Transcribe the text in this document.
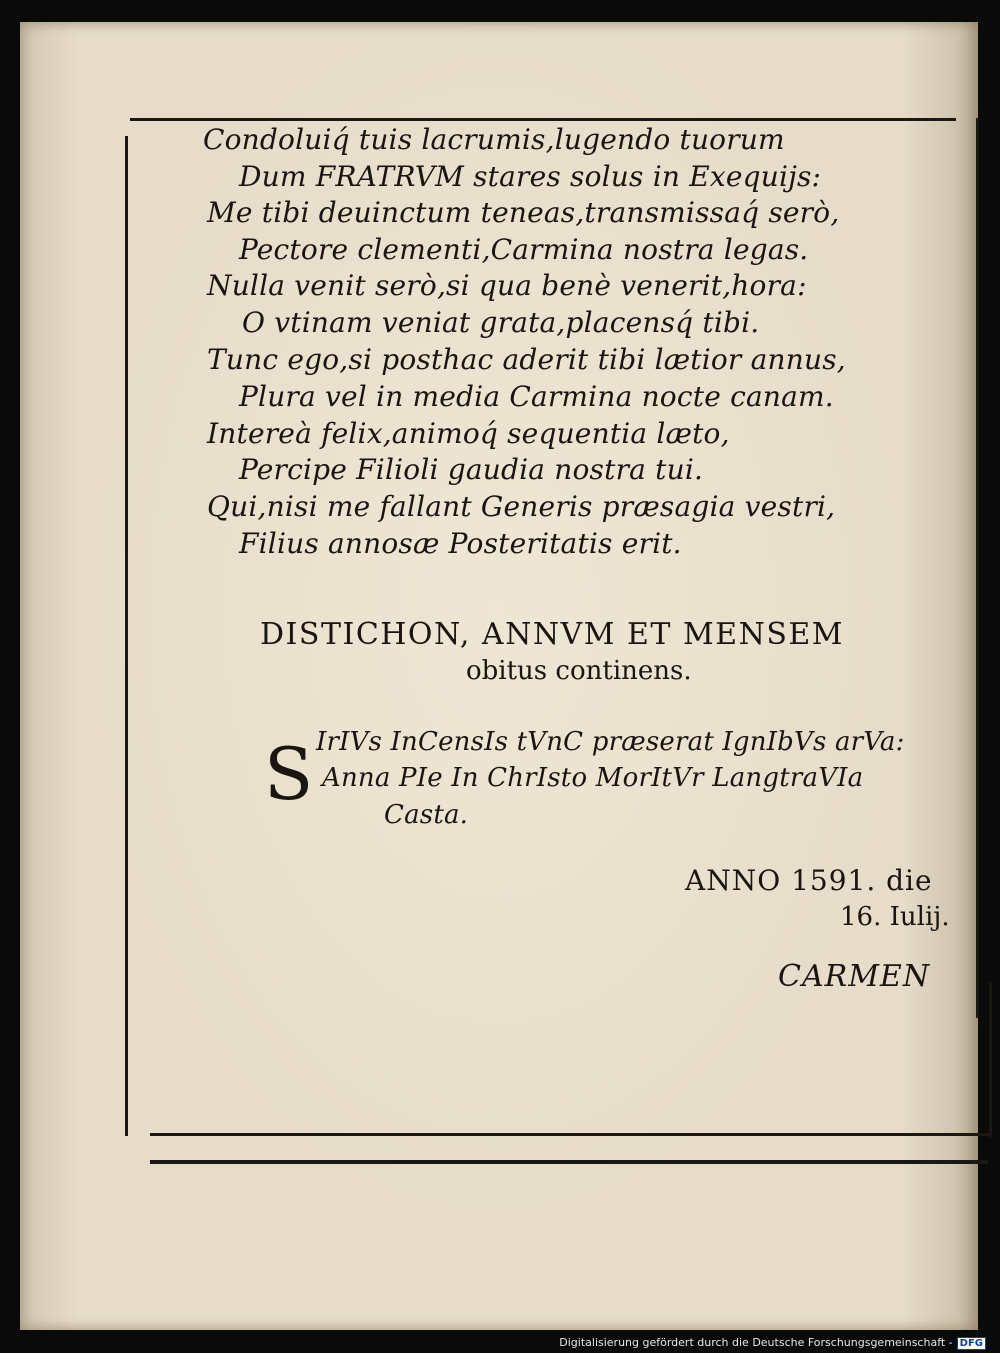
Condoluiq́ tuis lacrumis,lugendo tuorum

Dum FRATRVM stares solus in Exequijs:

Me tibi deuinctum teneas,transmissaq́ serò,

Pectore clementi,Carmina nostra legas.

Nulla venit serò,si qua benè venerit,hora:

O vtinam veniat grata,placensq́ tibi.

Tunc ego,si posthac aderit tibi lætior annus,

Plura vel in media Carmina nocte canam.

Intereà felix,animoq́ sequentia læto,

Percipe Filioli gaudia nostra tui.

Qui,nisi me fallant Generis præsagia vestri,

Filius annosæ Posteritatis erit.

DISTICHON, ANNVM ET MENSEM

obitus continens.

S IrIVs InCensIs tVnC præserat IgnIbVs arVa:

Anna PIe In ChrIsto MorItVr LangtraVIa

Casta.

ANNO 1591. die

16. Iulij.

CARMEN

Digitalisierung gefördert durch die Deutsche Forschungsgemeinschaft - DFG
